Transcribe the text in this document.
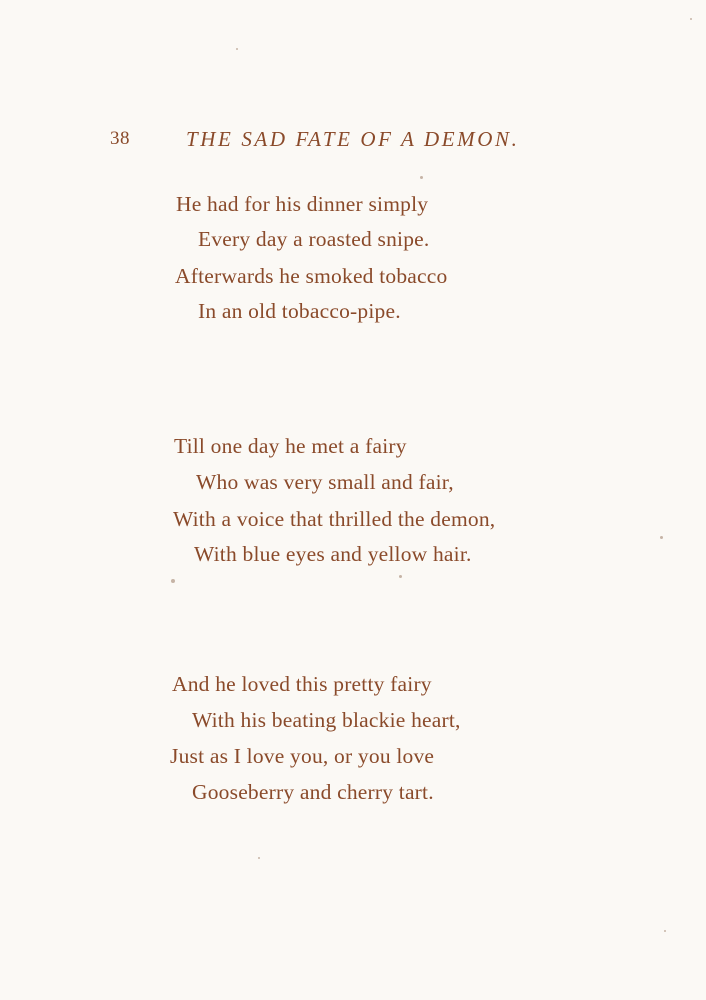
38	THE SAD FATE OF A DEMON.
He had for his dinner simply
Every day a roasted snipe.
Afterwards he smoked tobacco
In an old tobacco-pipe.
Till one day he met a fairy
Who was very small and fair,
With a voice that thrilled the demon,
With blue eyes and yellow hair.
And he loved this pretty fairy
With his beating blackie heart,
Just as I love you, or you love
Gooseberry and cherry tart.
